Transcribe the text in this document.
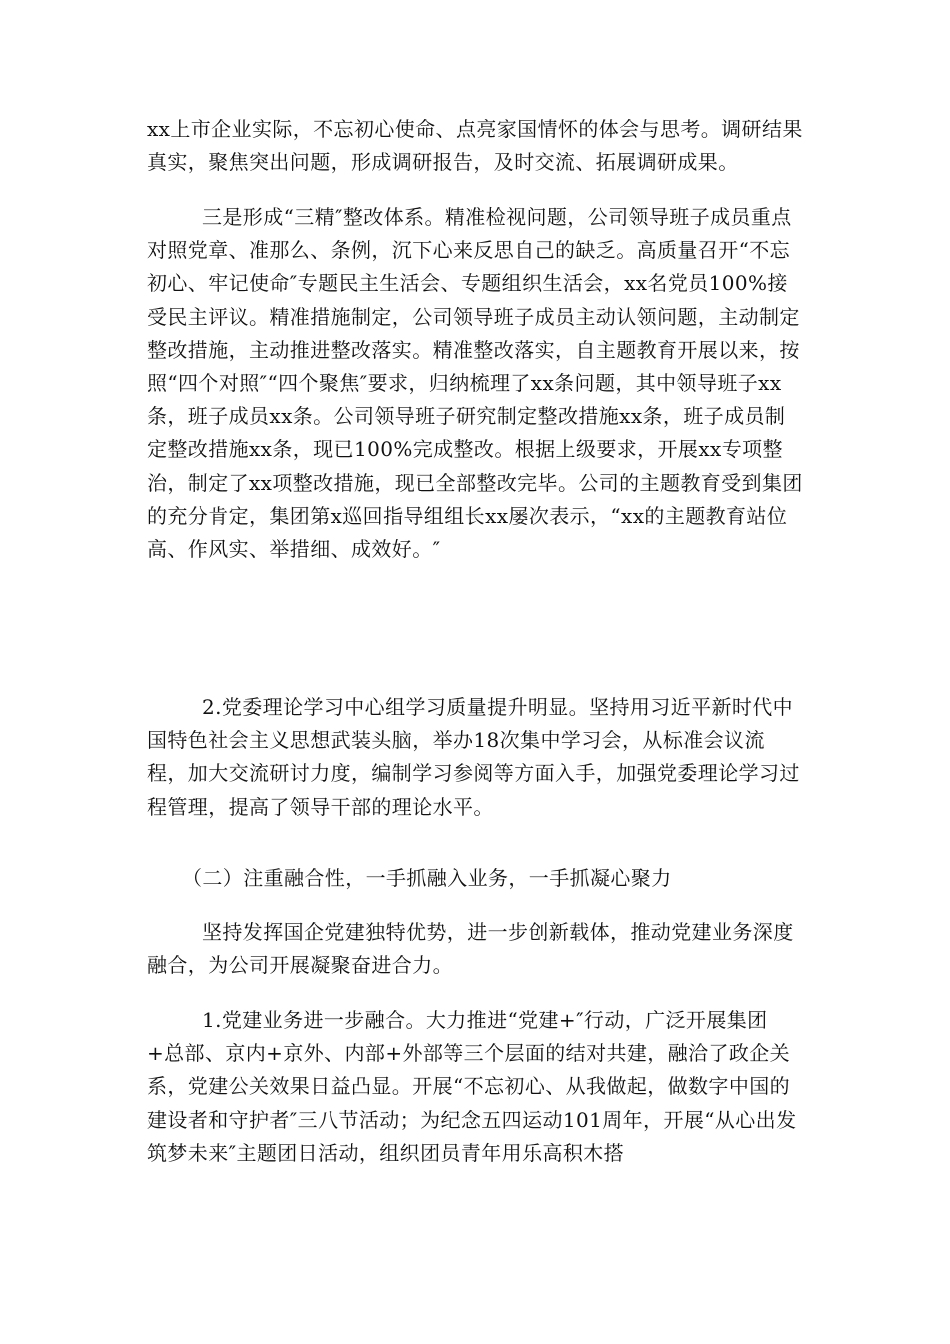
xx上市企业实际，不忘初心使命、点亮家国情怀的体会与思考。调研结果真实，聚焦突出问题，形成调研报告，及时交流、拓展调研成果。

三是形成“三精″整改体系。精准检视问题，公司领导班子成员重点对照党章、准那么、条例，沉下心来反思自己的缺乏。高质量召开“不忘初心、牢记使命″专题民主生活会、专题组织生活会，xx名党员100%接受民主评议。精准措施制定，公司领导班子成员主动认领问题，主动制定整改措施，主动推进整改落实。精准整改落实，自主题教育开展以来，按照“四个对照″“四个聚焦″要求，归纳梳理了xx条问题，其中领导班子xx条，班子成员xx条。公司领导班子研究制定整改措施xx条，班子成员制定整改措施xx条，现已100%完成整改。根据上级要求，开展xx专项整治，制定了xx项整改措施，现已全部整改完毕。公司的主题教育受到集团的充分肯定，集团第x巡回指导组组长xx屡次表示，“xx的主题教育站位高、作风实、举措细、成效好。″

2.党委理论学习中心组学习质量提升明显。坚持用习近平新时代中国特色社会主义思想武装头脑，举办18次集中学习会，从标准会议流程，加大交流研讨力度，编制学习参阅等方面入手，加强党委理论学习过程管理，提高了领导干部的理论水平。

（二）注重融合性，一手抓融入业务，一手抓凝心聚力

坚持发挥国企党建独特优势，进一步创新载体，推动党建业务深度融合，为公司开展凝聚奋进合力。

1.党建业务进一步融合。大力推进“党建+″行动，广泛开展集团+总部、京内+京外、内部+外部等三个层面的结对共建，融洽了政企关系，党建公关效果日益凸显。开展“不忘初心、从我做起，做数字中国的建设者和守护者″三八节活动；为纪念五四运动101周年，开展“从心出发 筑梦未来″主题团日活动，组织团员青年用乐高积木搭
